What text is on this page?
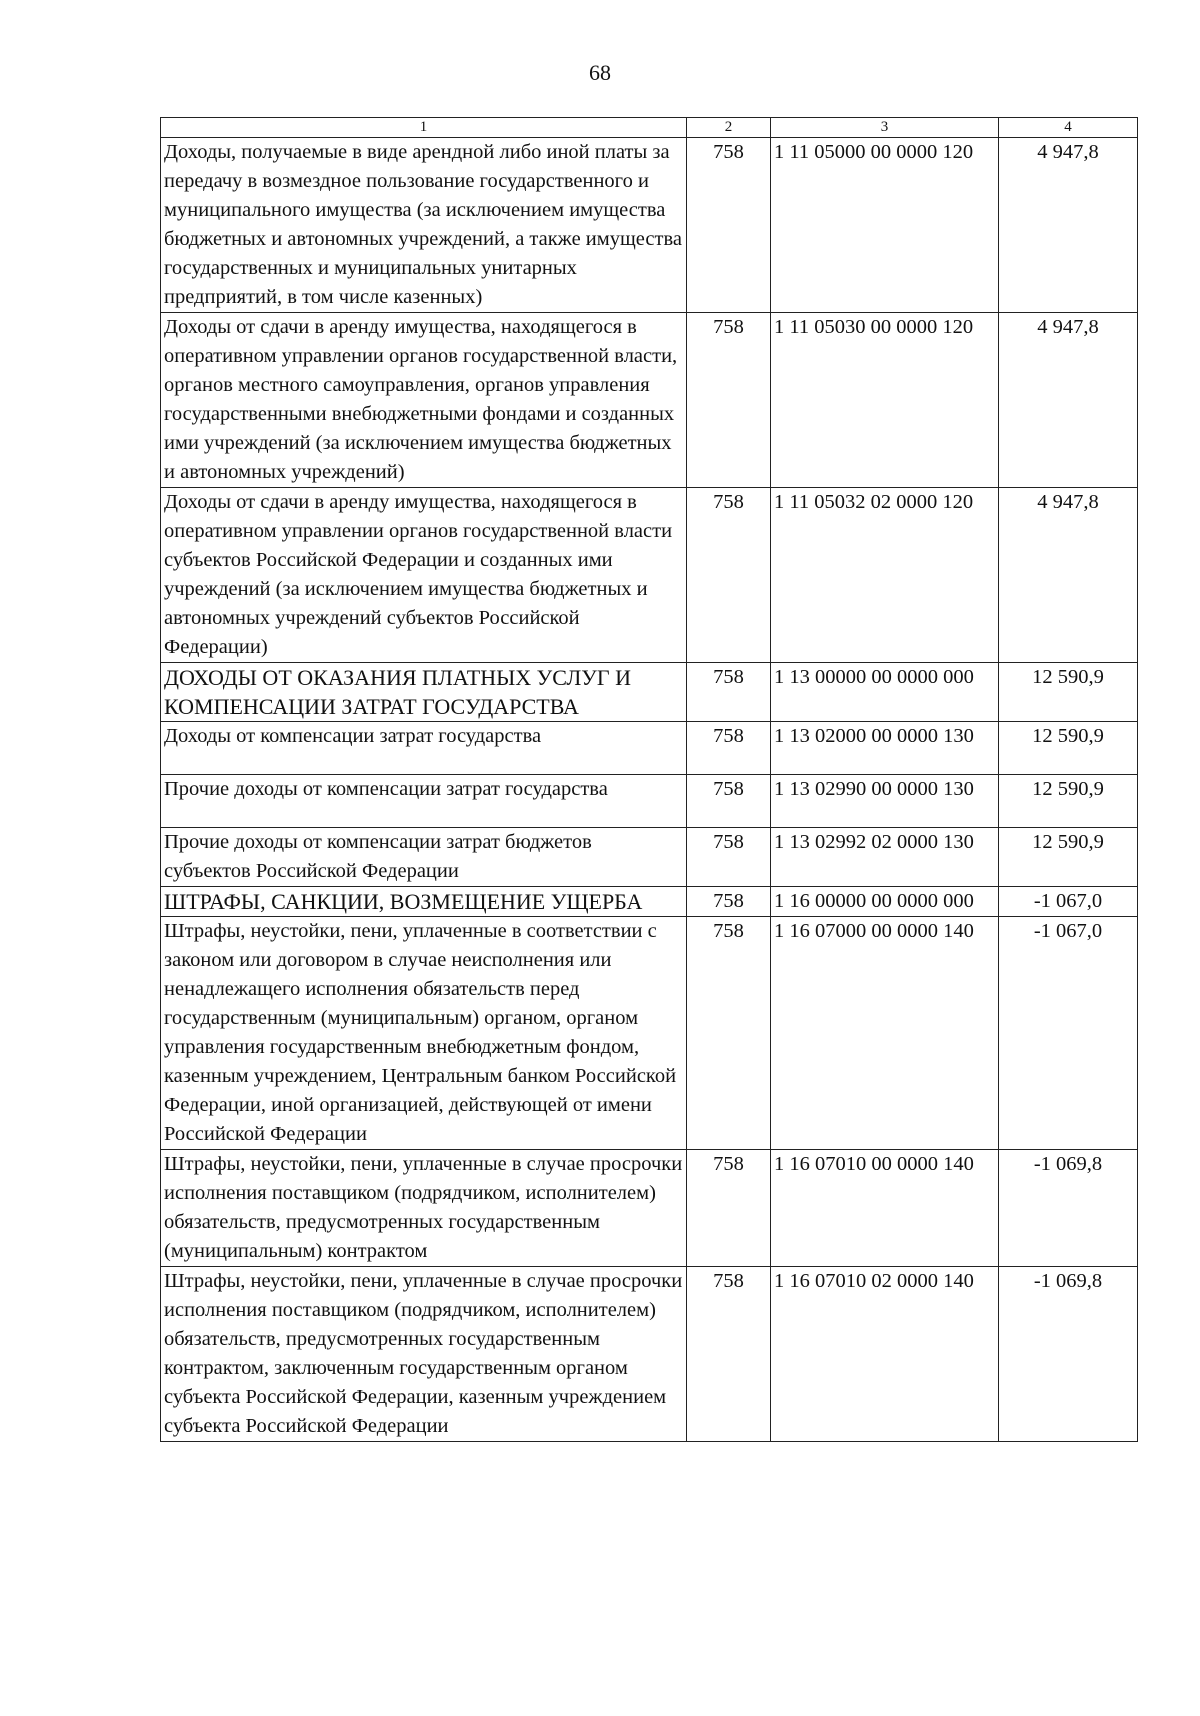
68
1	2	3	4
Доходы, получаемые в виде арендной либо иной платы за передачу в возмездное пользование государственного и муниципального имущества (за исключением имущества бюджетных и автономных учреждений, а также имущества государственных и муниципальных унитарных предприятий, в том числе казенных)	758	1 11 05000 00 0000 120	4 947,8
Доходы от сдачи в аренду имущества, находящегося в оперативном управлении органов государственной власти, органов местного самоуправления, органов управления государственными внебюджетными фондами и созданных ими учреждений (за исключением имущества бюджетных и автономных учреждений)	758	1 11 05030 00 0000 120	4 947,8
Доходы от сдачи в аренду имущества, находящегося в оперативном управлении органов государственной власти субъектов Российской Федерации и созданных ими учреждений (за исключением имущества бюджетных и автономных учреждений субъектов Российской Федерации)	758	1 11 05032 02 0000 120	4 947,8
ДОХОДЫ ОТ ОКАЗАНИЯ ПЛАТНЫХ УСЛУГ И КОМПЕНСАЦИИ ЗАТРАТ ГОСУДАРСТВА	758	1 13 00000 00 0000 000	12 590,9
Доходы от компенсации затрат государства	758	1 13 02000 00 0000 130	12 590,9
Прочие доходы от компенсации затрат государства	758	1 13 02990 00 0000 130	12 590,9
Прочие доходы от компенсации затрат бюджетов субъектов Российской Федерации	758	1 13 02992 02 0000 130	12 590,9
ШТРАФЫ, САНКЦИИ, ВОЗМЕЩЕНИЕ УЩЕРБА	758	1 16 00000 00 0000 000	-1 067,0
Штрафы, неустойки, пени, уплаченные в соответствии с законом или договором в случае неисполнения или ненадлежащего исполнения обязательств перед государственным (муниципальным) органом, органом управления государственным внебюджетным фондом, казенным учреждением, Центральным банком Российской Федерации, иной организацией, действующей от имени Российской Федерации	758	1 16 07000 00 0000 140	-1 067,0
Штрафы, неустойки, пени, уплаченные в случае просрочки исполнения поставщиком (подрядчиком, исполнителем) обязательств, предусмотренных государственным (муниципальным) контрактом	758	1 16 07010 00 0000 140	-1 069,8
Штрафы, неустойки, пени, уплаченные в случае просрочки исполнения поставщиком (подрядчиком, исполнителем) обязательств, предусмотренных государственным контрактом, заключенным государственным органом субъекта Российской Федерации, казенным учреждением субъекта Российской Федерации	758	1 16 07010 02 0000 140	-1 069,8
